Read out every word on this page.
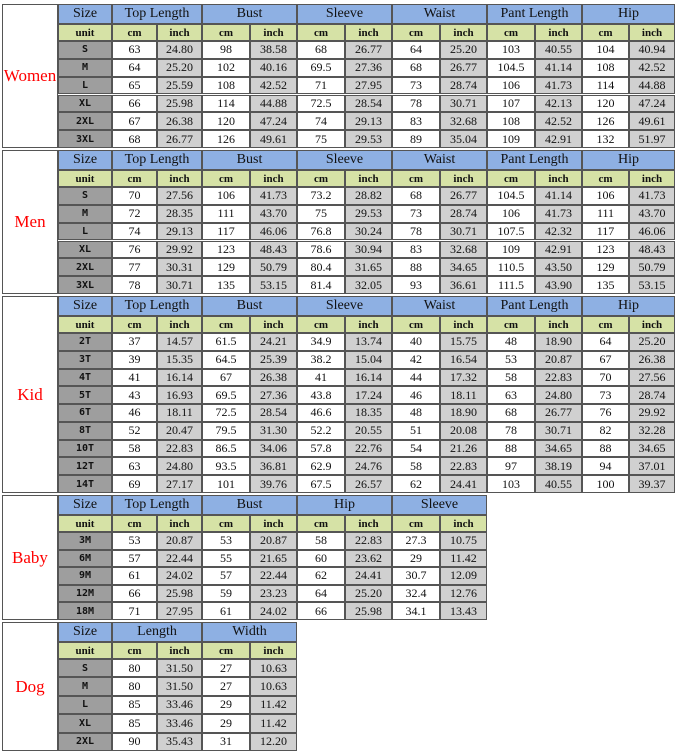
Women
Size	Top Length	Bust	Sleeve	Waist	Pant Length	Hip
unit	cm	inch	cm	inch	cm	inch	cm	inch	cm	inch	cm	inch
S	63	24.80	98	38.58	68	26.77	64	25.20	103	40.55	104	40.94
M	64	25.20	102	40.16	69.5	27.36	68	26.77	104.5	41.14	108	42.52
L	65	25.59	108	42.52	71	27.95	73	28.74	106	41.73	114	44.88
XL	66	25.98	114	44.88	72.5	28.54	78	30.71	107	42.13	120	47.24
2XL	67	26.38	120	47.24	74	29.13	83	32.68	108	42.52	126	49.61
3XL	68	26.77	126	49.61	75	29.53	89	35.04	109	42.91	132	51.97
Men
Size	Top Length	Bust	Sleeve	Waist	Pant Length	Hip
unit	cm	inch	cm	inch	cm	inch	cm	inch	cm	inch	cm	inch
S	70	27.56	106	41.73	73.2	28.82	68	26.77	104.5	41.14	106	41.73
M	72	28.35	111	43.70	75	29.53	73	28.74	106	41.73	111	43.70
L	74	29.13	117	46.06	76.8	30.24	78	30.71	107.5	42.32	117	46.06
XL	76	29.92	123	48.43	78.6	30.94	83	32.68	109	42.91	123	48.43
2XL	77	30.31	129	50.79	80.4	31.65	88	34.65	110.5	43.50	129	50.79
3XL	78	30.71	135	53.15	81.4	32.05	93	36.61	111.5	43.90	135	53.15
Kid
Size	Top Length	Bust	Sleeve	Waist	Pant Length	Hip
unit	cm	inch	cm	inch	cm	inch	cm	inch	cm	inch	cm	inch
2T	37	14.57	61.5	24.21	34.9	13.74	40	15.75	48	18.90	64	25.20
3T	39	15.35	64.5	25.39	38.2	15.04	42	16.54	53	20.87	67	26.38
4T	41	16.14	67	26.38	41	16.14	44	17.32	58	22.83	70	27.56
5T	43	16.93	69.5	27.36	43.8	17.24	46	18.11	63	24.80	73	28.74
6T	46	18.11	72.5	28.54	46.6	18.35	48	18.90	68	26.77	76	29.92
8T	52	20.47	79.5	31.30	52.2	20.55	51	20.08	78	30.71	82	32.28
10T	58	22.83	86.5	34.06	57.8	22.76	54	21.26	88	34.65	88	34.65
12T	63	24.80	93.5	36.81	62.9	24.76	58	22.83	97	38.19	94	37.01
14T	69	27.17	101	39.76	67.5	26.57	62	24.41	103	40.55	100	39.37
Baby
Size	Top Length	Bust	Hip	Sleeve
unit	cm	inch	cm	inch	cm	inch	cm	inch
3M	53	20.87	53	20.87	58	22.83	27.3	10.75
6M	57	22.44	55	21.65	60	23.62	29	11.42
9M	61	24.02	57	22.44	62	24.41	30.7	12.09
12M	66	25.98	59	23.23	64	25.20	32.4	12.76
18M	71	27.95	61	24.02	66	25.98	34.1	13.43
Dog
Size	Length	Width
unit	cm	inch	cm	inch
S	80	31.50	27	10.63
M	80	31.50	27	10.63
L	85	33.46	29	11.42
XL	85	33.46	29	11.42
2XL	90	35.43	31	12.20
